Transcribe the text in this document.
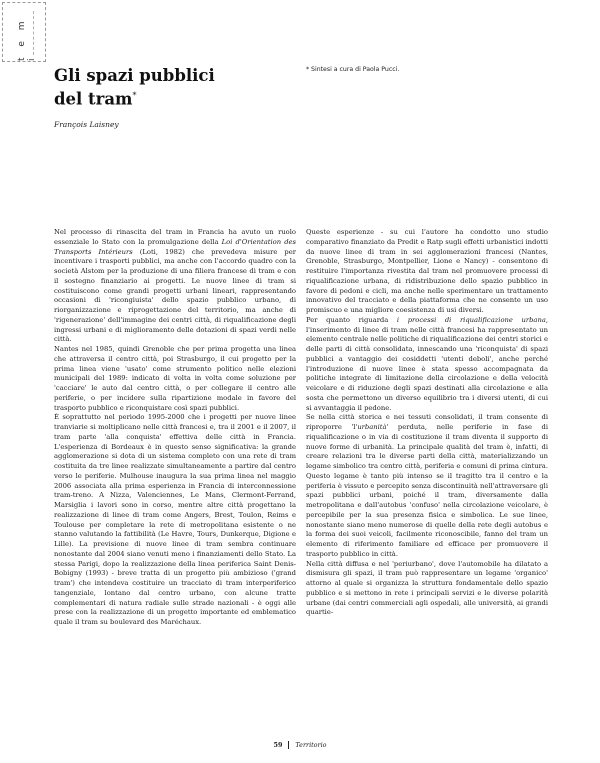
t e m i
Gli spazi pubblici
del tram*
François Laisney
* Sintesi a cura di Paola Pucci.

Nel processo di rinascita del tram in Francia ha avuto un ruolo essenziale lo Stato con la promulgazione della Loi d'Orientation des Transports Intérieurs (Loti, 1982) che prevedeva misure per incentivare i trasporti pubblici, ma anche con l'accordo quadro con la società Alstom per la produzione di una filiera francese di tram e con il sostegno finanziario ai progetti. Le nuove linee di tram si costituiscono come grandi progetti urbani lineari, rappresentando occasioni di 'ricongiuista' dello spazio pubblico urbano, di riorganizzazione e riprogettazione del territorio, ma anche di 'rigenerazione' dell'immagine dei centri città, di riqualificazione degli ingressi urbani e di miglioramento delle dotazioni di spazi verdi nelle città.

Nantes nel 1985, quindi Grenoble che per prima progetta una linea che attraversa il centro città, poi Strasburgo, il cui progetto per la prima linea viene 'usato' come strumento politico nelle elezioni municipali del 1989: indicato di volta in volta come soluzione per 'cacciare' le auto dal centro città, o per collegare il centro alle periferie, o per incidere sulla ripartizione modale in favore del trasporto pubblico e riconquistare così spazi pubblici.

È soprattutto nel periodo 1995-2000 che i progetti per nuove linee tranviarie si moltiplicano nelle città francesi e, tra il 2001 e il 2007, il tram parte 'alla conquista' effettiva delle città in Francia. L'esperienza di Bordeaux è in questo senso significativa: la grande agglomerazione si dota di un sistema completo con una rete di tram costituita da tre linee realizzate simultaneamente a partire dal centro verso le periferie. Mulhouse inaugura la sua prima linea nel maggio 2006 associata alla prima esperienza in Francia di interconnessione tram-treno. A Nizza, Valenciennes, Le Mans, Clermont-Ferrand, Marsiglia i lavori sono in corso, mentre altre città progettano la realizzazione di linee di tram come Angers, Brest, Toulon, Reims e Toulouse per completare la rete di metropolitana esistente o ne stanno valutando la fattibilità (Le Havre, Tours, Dunkerque, Digione e Lille). La previsione di nuove linee di tram sembra continuare nonostante dal 2004 siano venuti meno i finanziamenti dello Stato. La stessa Parigi, dopo la realizzazione della linea periferica Saint Denis-Bobigny (1993) - breve tratta di un progetto più ambizioso ('grand tram') che intendeva costituire un tracciato di tram interperiferico tangenziale, lontano dal centro urbano, con alcune tratte complementari di natura radiale sulle strade nazionali - è oggi alle prese con la realizzazione di un progetto importante ed emblematico quale il tram su boulevard des Maréchaux.

Queste esperienze - su cui l'autore ha condotto uno studio comparativo finanziato da Predit e Ratp sugli effetti urbanistici indotti da nuove linee di tram in sei agglomerazioni francesi (Nantes, Grenoble, Strasburgo, Montpellier, Lione e Nancy) - consentono di restituire l'importanza rivestita dal tram nel promuovere processi di riqualificazione urbana, di ridistribuzione dello spazio pubblico in favore di pedoni e cicli, ma anche nelle sperimentare un trattamento innovativo del tracciato e della piattaforma che ne consente un uso promiscuo e una migliore coesistenza di usi diversi.

Per quanto riguarda i processi di riqualificazione urbana, l'inserimento di linee di tram nelle città francesi ha rappresentato un elemento centrale nelle politiche di riqualificazione dei centri storici e delle parti di città consolidata, innescando una 'riconquista' di spazi pubblici a vantaggio dei cosiddetti 'utenti deboli', anche perché l'introduzione di nuove linee è stata spesso accompagnata da politiche integrate di limitazione della circolazione e della velocità veicolare e di riduzione degli spazi destinati alla circolazione e alla sosta che permettono un diverso equilibrio tra i diversi utenti, di cui si avvantaggia il pedone.

Se nella città storica e nei tessuti consolidati, il tram consente di riproporre 'l'urbanità' perduta, nelle periferie in fase di riqualificazione o in via di costituzione il tram diventa il supporto di nuove forme di urbanità. La principale qualità del tram è, infatti, di creare relazioni tra le diverse parti della città, materializzando un legame simbolico tra centro città, periferia e comuni di prima cintura. Questo legame è tanto più intenso se il tragitto tra il centro e la periferia è vissuto e percepito senza discontinuità nell'attraversare gli spazi pubblici urbani, poiché il tram, diversamente dalla metropolitana e dall'autobus 'confuso' nella circolazione veicolare, è percepibile per la sua presenza fisica e simbolica. Le sue linee, nonostante siano meno numerose di quelle della rete degli autobus e la forma dei suoi veicoli, facilmente riconoscibile, fanno del tram un elemento di riferimento familiare ed efficace per promuovere il trasporto pubblico in città.

Nella città diffusa e nel 'periurbano', dove l'automobile ha dilatato a dismisura gli spazi, il tram può rappresentare un legame 'organico' attorno al quale si organizza la struttura fondamentale dello spazio pubblico e si mettono in rete i principali servizi e le diverse polarità urbane (dai centri commerciali agli ospedali, alle università, ai grandi quartie-

59 Territorio
